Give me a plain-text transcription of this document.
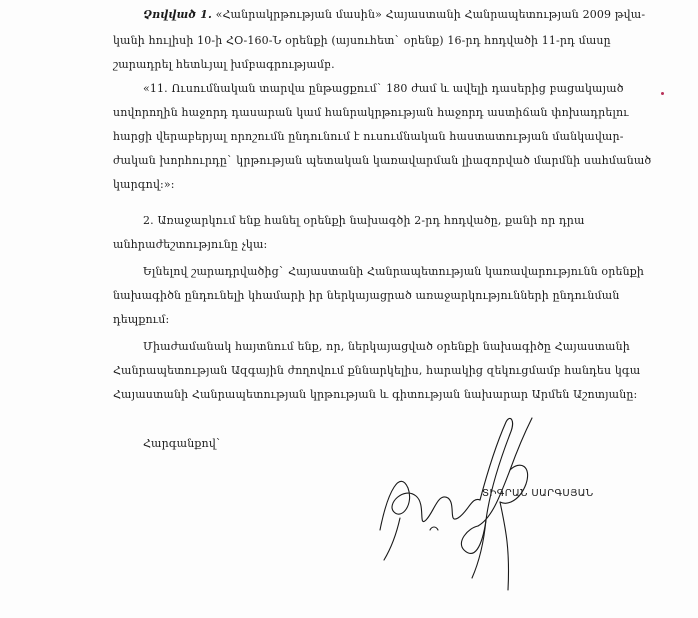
Չովված 1. «Հանրակրթության մասին» Հայաստանի Հանրապետության 2009 թվա-
կանի հուլիսի 10-ի ՀՕ-160-Ն օրենքի (այսուհետ` օրենք) 16-րդ հոդվածի 11-րդ մասը
շարադրել հետևյալ խմբագրությամբ.
«11. Ուսումնական տարվա ընթացքում` 180 ժամ և ավելի դասերից բացակայած
սովորողին հաջորդ դասարան կամ հանրակրթության հաջորդ աստիճան փոխադրելու
հարցի վերաբերյալ որոշումն ընդունում է ուսումնական հաստատության մանկավար-
ժական խորհուրդը` կրթության պետական կառավարման լիազորված մարմնի սահմանած
կարգով:»:
2. Առաջարկում ենք հանել օրենքի նախագծի 2-րդ հոդվածը, քանի որ դրա
անհրաժեշտությունը չկա:
Ելնելով շարադրվածից` Հայաստանի Հանրապետության կառավարությունն օրենքի
նախագիծն ընդունելի կհամարի իր ներկայացրած առաջարկությունների ընդունման
դեպքում:
Միաժամանակ հայտնում ենք, որ, ներկայացված օրենքի նախագիծը Հայաստանի
Հանրապետության Ազգային ժողովում քննարկելիս, հարակից զեկուցմամբ հանդես կգա
Հայաստանի Հանրապետության կրթության և գիտության նախարար Արմեն Աշոտյանը:
Հարգանքով`
ՏԻԳՐԱՆ ՍԱՐԳՍՅԱՆ
